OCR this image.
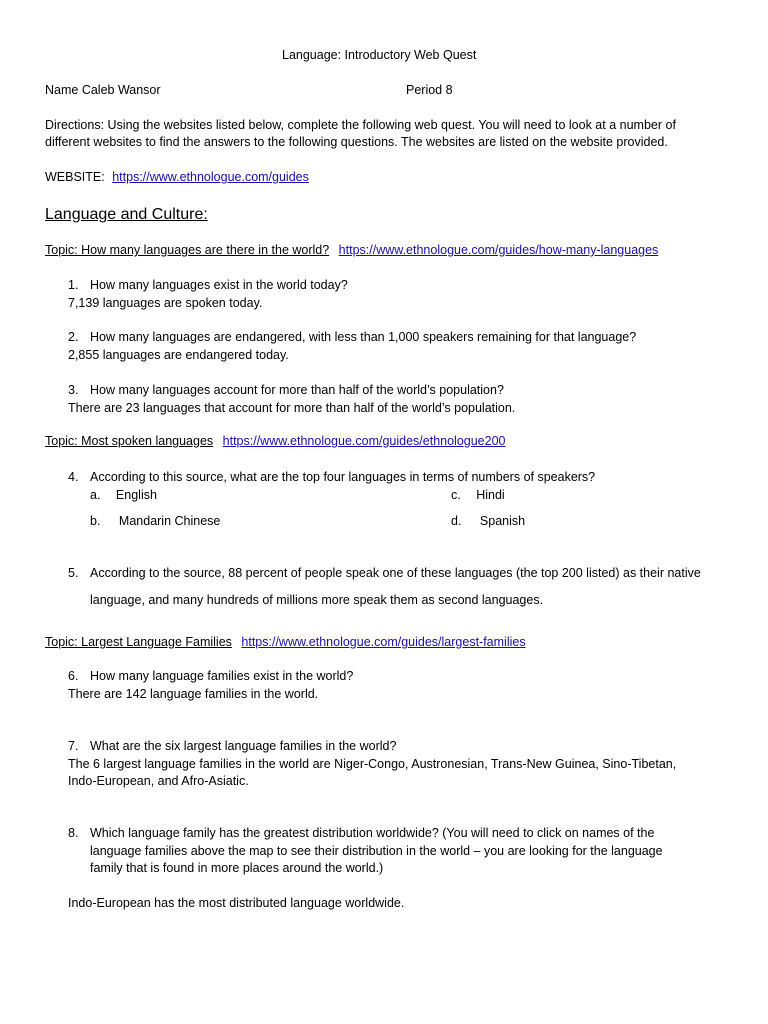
Language: Introductory Web Quest
Name Caleb Wansor	Period 8
Directions: Using the websites listed below, complete the following web quest. You will need to look at a number of
different websites to find the answers to the following questions. The websites are listed on the website provided.
WEBSITE: https://www.ethnologue.com/guides
Language and Culture:
Topic: How many languages are there in the world? https://www.ethnologue.com/guides/how-many-languages
1. How many languages exist in the world today?
7,139 languages are spoken today.
2. How many languages are endangered, with less than 1,000 speakers remaining for that language?
2,855 languages are endangered today.
3. How many languages account for more than half of the world’s population?
There are 23 languages that account for more than half of the world’s population.
Topic: Most spoken languages https://www.ethnologue.com/guides/ethnologue200
4. According to this source, what are the top four languages in terms of numbers of speakers?
a. English	c. Hindi
b. Mandarin Chinese	d. Spanish
5. According to the source, 88 percent of people speak one of these languages (the top 200 listed) as their native
language, and many hundreds of millions more speak them as second languages.
Topic: Largest Language Families https://www.ethnologue.com/guides/largest-families
6. How many language families exist in the world?
There are 142 language families in the world.
7. What are the six largest language families in the world?
The 6 largest language families in the world are Niger-Congo, Austronesian, Trans-New Guinea, Sino-Tibetan,
Indo-European, and Afro-Asiatic.
8. Which language family has the greatest distribution worldwide? (You will need to click on names of the
language families above the map to see their distribution in the world – you are looking for the language
family that is found in more places around the world.)
Indo-European has the most distributed language worldwide.
